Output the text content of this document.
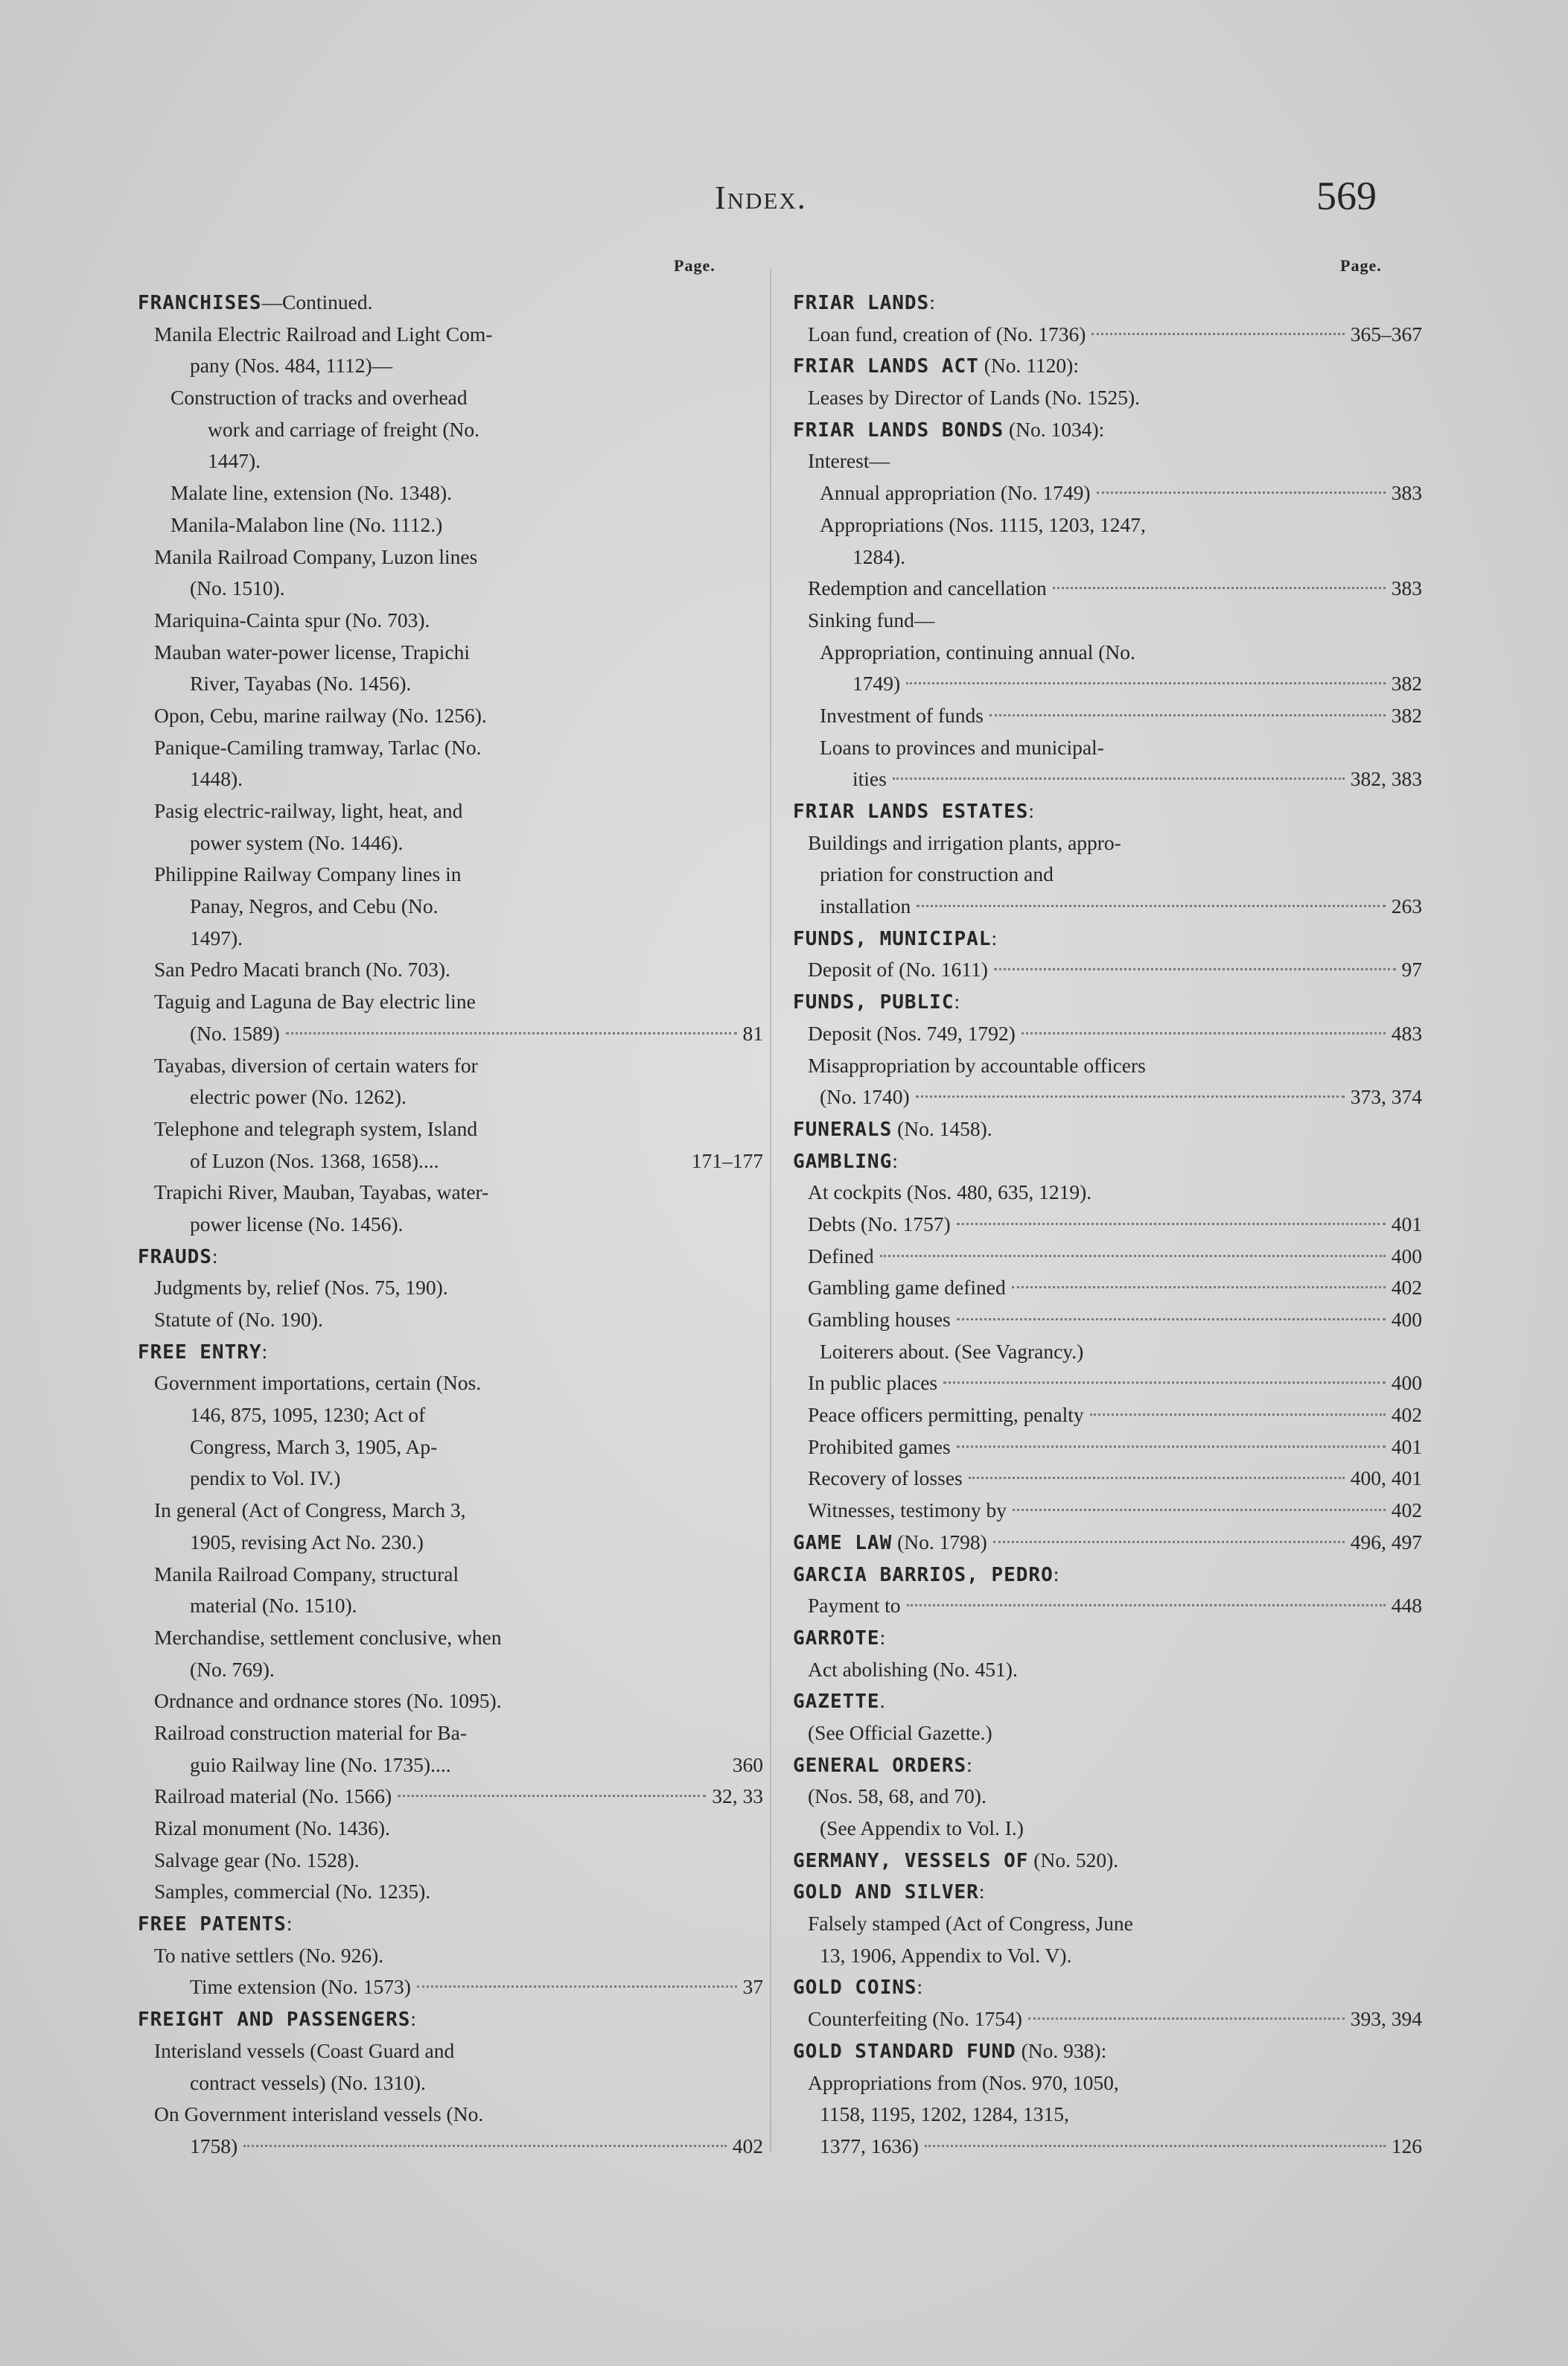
Index.	569
Page.	Page.
FRANCHISES —Continued.
Manila Electric Railroad and Light Com-
pany (Nos. 484, 1112)—
Construction of tracks and overhead
work and carriage of freight (No.
1447).
Malate line, extension (No. 1348).
Manila-Malabon line (No. 1112.)
Manila Railroad Company, Luzon lines
(No. 1510).
Mariquina-Cainta spur (No. 703).
Mauban water-power license, Trapichi
River, Tayabas (No. 1456).
Opon, Cebu, marine railway (No. 1256).
Panique-Camiling tramway, Tarlac (No.
1448).
Pasig electric-railway, light, heat, and
power system (No. 1446).
Philippine Railway Company lines in
Panay, Negros, and Cebu (No.
1497).
San Pedro Macati branch (No. 703).
Taguig and Laguna de Bay electric line
(No. 1589)	81
Tayabas, diversion of certain waters for
electric power (No. 1262).
Telephone and telegraph system, Island
of Luzon (Nos. 1368, 1658)....	171–177
Trapichi River, Mauban, Tayabas, water-
power license (No. 1456).
FRAUDS :
Judgments by, relief (Nos. 75, 190).
Statute of (No. 190).
FREE ENTRY :
Government importations, certain (Nos.
146, 875, 1095, 1230; Act of
Congress, March 3, 1905, Ap-
pendix to Vol. IV.)
In general (Act of Congress, March 3,
1905, revising Act No. 230.)
Manila Railroad Company, structural
material (No. 1510).
Merchandise, settlement conclusive, when
(No. 769).
Ordnance and ordnance stores (No. 1095).
Railroad construction material for Ba-
guio Railway line (No. 1735)....	360
Railroad material (No. 1566)	32, 33
Rizal monument (No. 1436).
Salvage gear (No. 1528).
Samples, commercial (No. 1235).
FREE PATENTS :
To native settlers (No. 926).
Time extension (No. 1573)	37
FREIGHT AND PASSENGERS :
Interisland vessels (Coast Guard and
contract vessels) (No. 1310).
On Government interisland vessels (No.
1758)	402
FRIAR LANDS :
Loan fund, creation of (No. 1736)	365–367
FRIAR LANDS ACT (No. 1120):
Leases by Director of Lands (No. 1525).
FRIAR LANDS BONDS (No. 1034):
Interest—
Annual appropriation (No. 1749)	383
Appropriations (Nos. 1115, 1203, 1247,
1284).
Redemption and cancellation	383
Sinking fund—
Appropriation, continuing annual (No.
1749)	382
Investment of funds	382
Loans to provinces and municipal-
ities	382, 383
FRIAR LANDS ESTATES :
Buildings and irrigation plants, appro-
priation for construction and
installation	263
FUNDS, MUNICIPAL :
Deposit of (No. 1611)	97
FUNDS, PUBLIC :
Deposit (Nos. 749, 1792)	483
Misappropriation by accountable officers
(No. 1740)	373, 374
FUNERALS (No. 1458).
GAMBLING :
At cockpits (Nos. 480, 635, 1219).
Debts (No. 1757)	401
Defined	400
Gambling game defined	402
Gambling houses	400
Loiterers about. (See Vagrancy.)
In public places	400
Peace officers permitting, penalty	402
Prohibited games	401
Recovery of losses	400, 401
Witnesses, testimony by	402
GAME LAW (No. 1798)	496, 497
GARCIA BARRIOS, PEDRO :
Payment to	448
GARROTE :
Act abolishing (No. 451).
GAZETTE .
(See Official Gazette.)
GENERAL ORDERS :
(Nos. 58, 68, and 70).
(See Appendix to Vol. I.)
GERMANY, VESSELS OF (No. 520).
GOLD AND SILVER :
Falsely stamped (Act of Congress, June
13, 1906, Appendix to Vol. V).
GOLD COINS :
Counterfeiting (No. 1754)	393, 394
GOLD STANDARD FUND (No. 938):
Appropriations from (Nos. 970, 1050,
1158, 1195, 1202, 1284, 1315,
1377, 1636)	126
